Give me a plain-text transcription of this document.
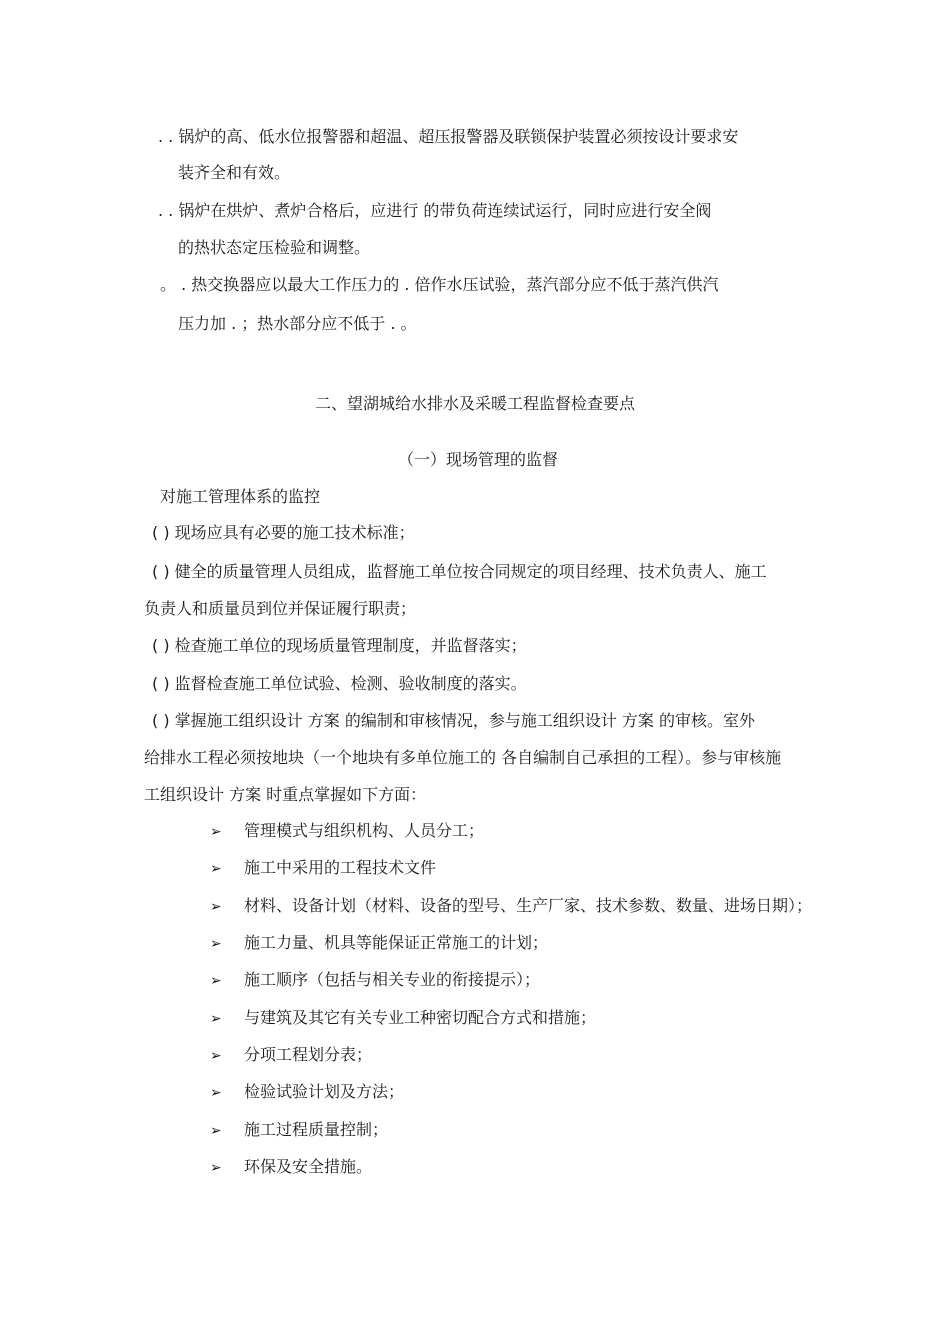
. . 锅炉的高、低水位报警器和超温、超压报警器及联锁保护装置必须按设计要求安
装齐全和有效。
. . 锅炉在烘炉、煮炉合格后，应进行 的带负荷连续试运行，同时应进行安全阀
的热状态定压检验和调整。
。 . 热交换器应以最大工作压力的 . 倍作水压试验，蒸汽部分应不低于蒸汽供汽
压力加 . ；热水部分应不低于 . 。
二、望湖城给水排水及采暖工程监督检查要点
（一）现场管理的监督
对施工管理体系的监控
( ) 现场应具有必要的施工技术标准；
( ) 健全的质量管理人员组成，监督施工单位按合同规定的项目经理、技术负责人、施工
负责人和质量员到位并保证履行职责；
( ) 检查施工单位的现场质量管理制度，并监督落实；
( ) 监督检查施工单位试验、检测、验收制度的落实。
( ) 掌握施工组织设计 方案 的编制和审核情况，参与施工组织设计 方案 的审核。室外
给排水工程必须按地块（一个地块有多单位施工的 各自编制自己承担的工程）。参与审核施
工组织设计 方案 时重点掌握如下方面：
➢ 管理模式与组织机构、人员分工；
➢ 施工中采用的工程技术文件
➢ 材料、设备计划（材料、设备的型号、生产厂家、技术参数、数量、进场日期）；
➢ 施工力量、机具等能保证正常施工的计划；
➢ 施工顺序（包括与相关专业的衔接提示）；
➢ 与建筑及其它有关专业工种密切配合方式和措施；
➢ 分项工程划分表；
➢ 检验试验计划及方法；
➢ 施工过程质量控制；
➢ 环保及安全措施。
